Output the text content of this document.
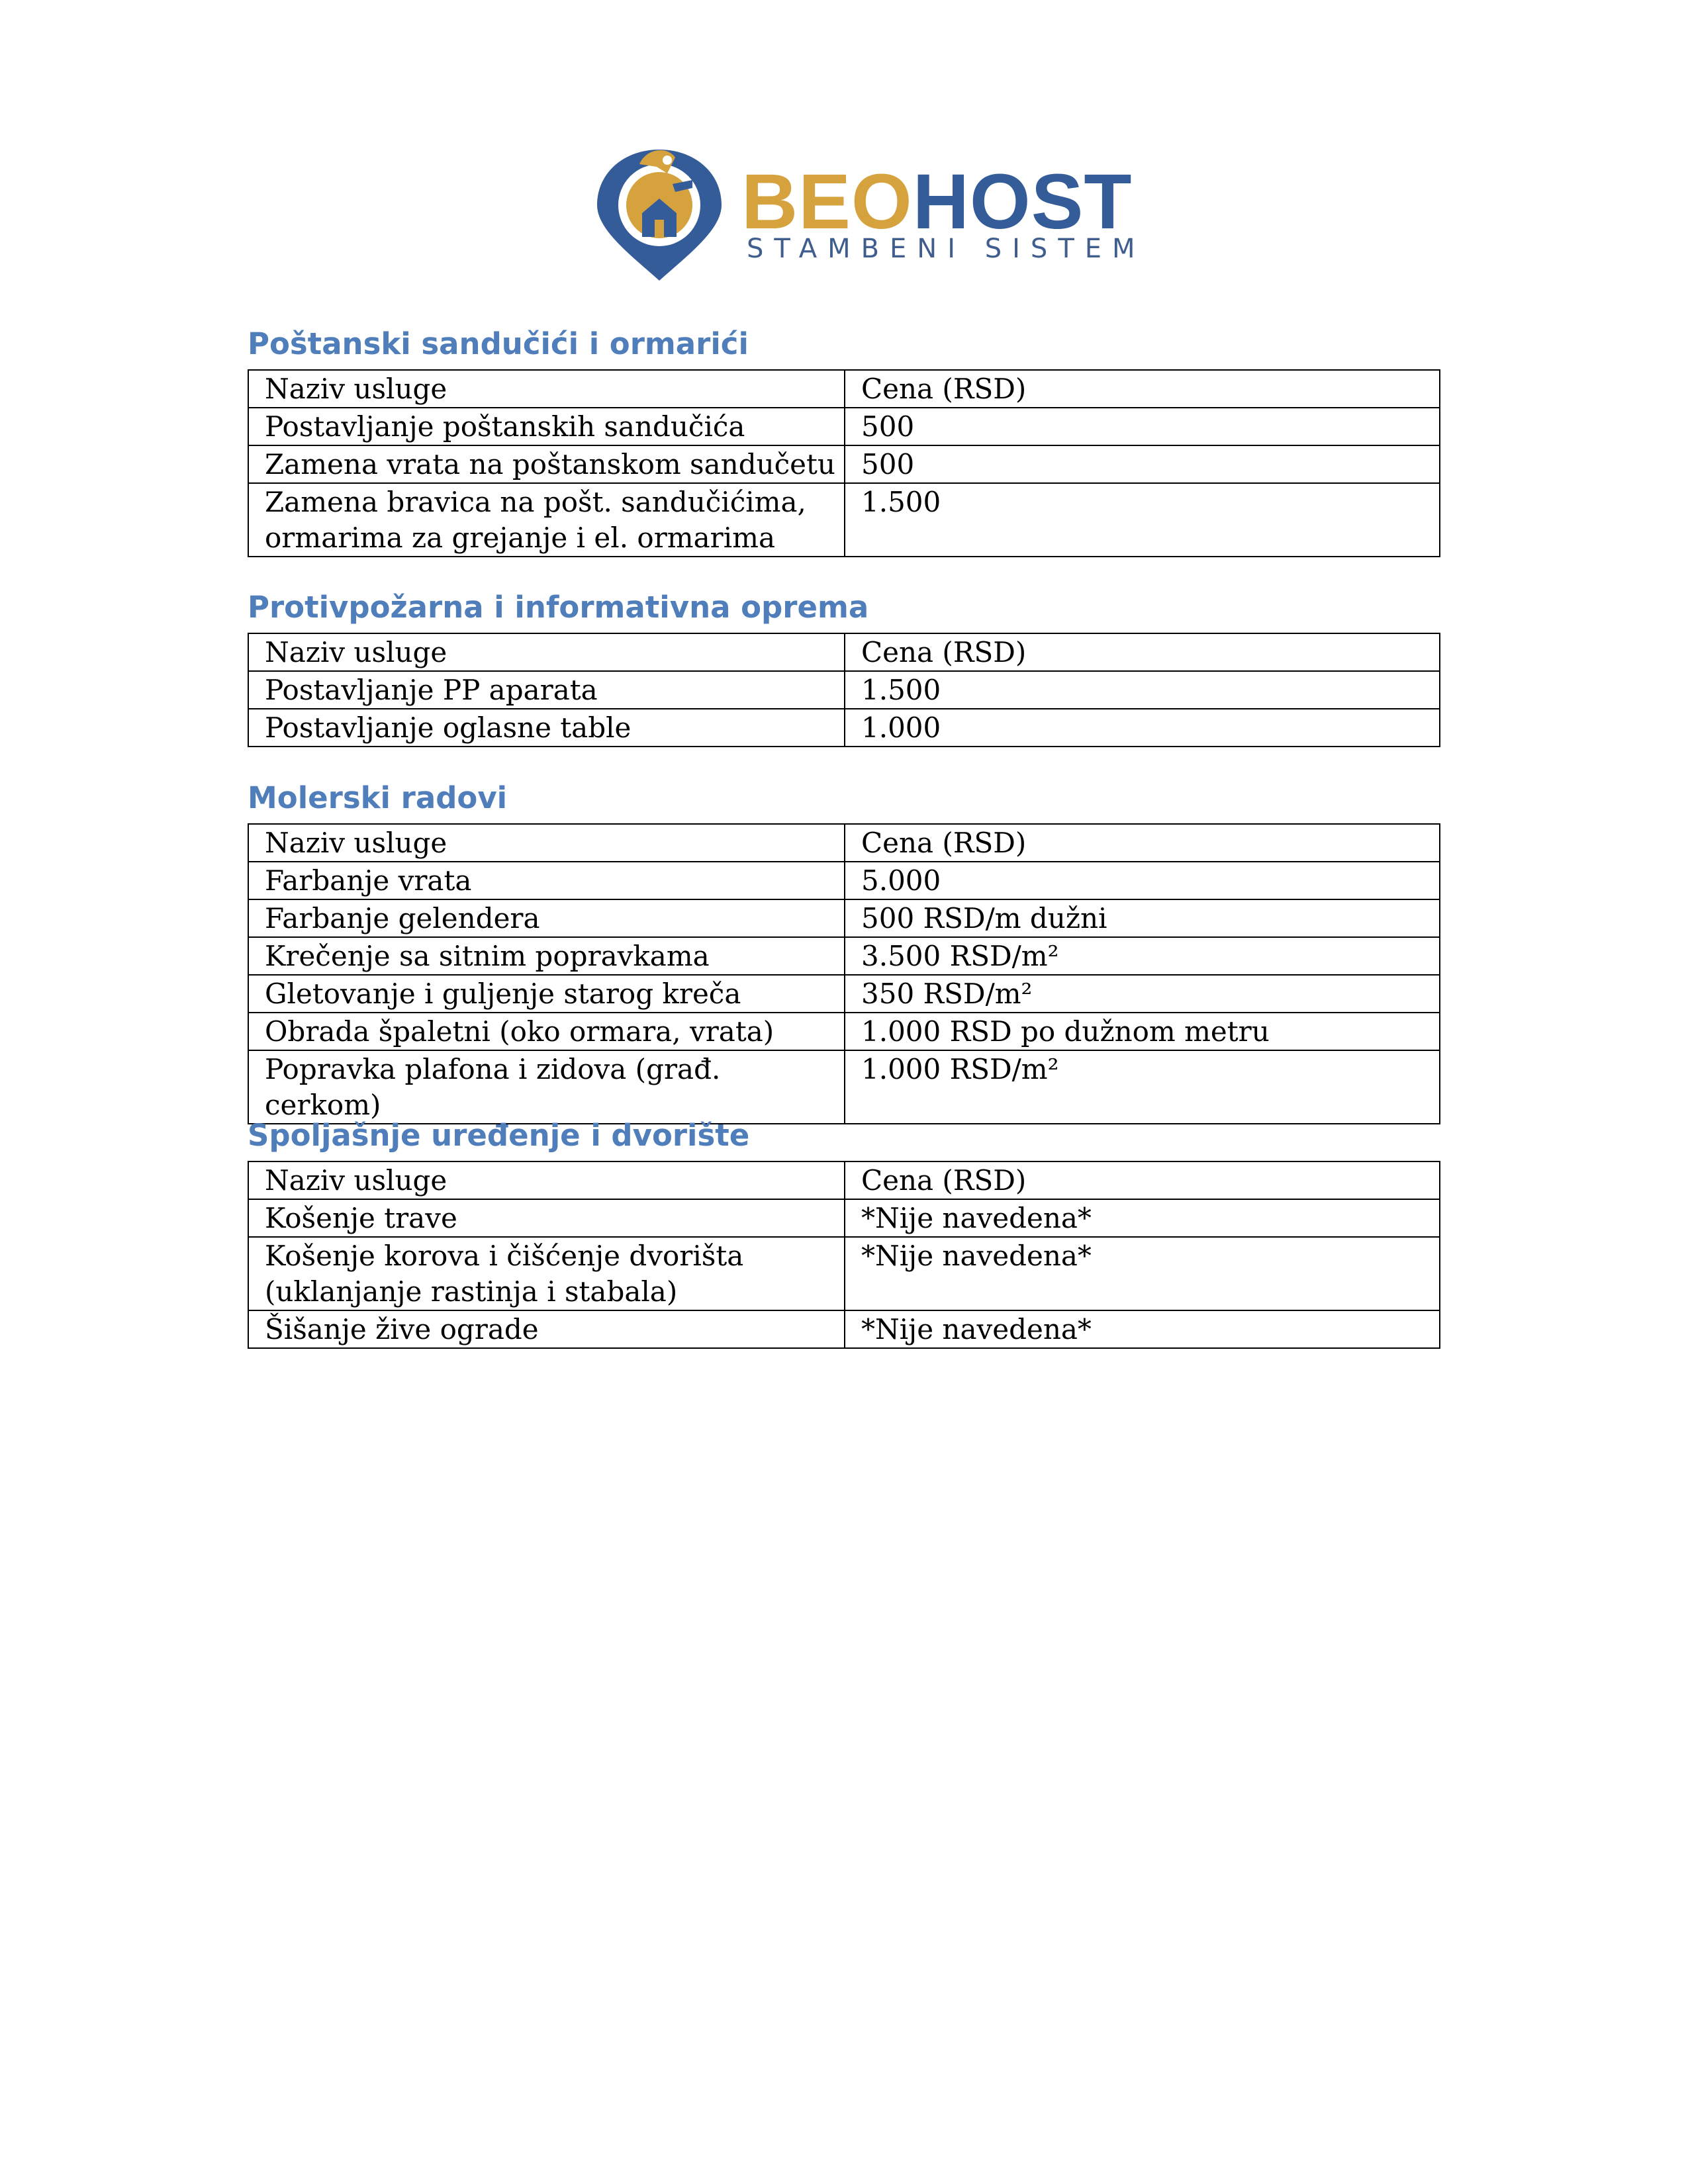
BEOHOST
STAMBENI SISTEM
Poštanski sandučići i ormarići
Naziv usluge	Cena (RSD)
Postavljanje poštanskih sandučića	500
Zamena vrata na poštanskom sandučetu	500
Zamena bravica na pošt. sandučićima, ormarima za grejanje i el. ormarima	1.500
Protivpožarna i informativna oprema
Naziv usluge	Cena (RSD)
Postavljanje PP aparata	1.500
Postavljanje oglasne table	1.000
Molerski radovi
Naziv usluge	Cena (RSD)
Farbanje vrata	5.000
Farbanje gelendera	500 RSD/m dužni
Krečenje sa sitnim popravkama	3.500 RSD/m²
Gletovanje i guljenje starog kreča	350 RSD/m²
Obrada špaletni (oko ormara, vrata)	1.000 RSD po dužnom metru
Popravka plafona i zidova (građ. cerkom)	1.000 RSD/m²
Spoljašnje uređenje i dvorište
Naziv usluge	Cena (RSD)
Košenje trave	*Nije navedena*
Košenje korova i čišćenje dvorišta (uklanjanje rastinja i stabala)	*Nije navedena*
Šišanje žive ograde	*Nije navedena*
